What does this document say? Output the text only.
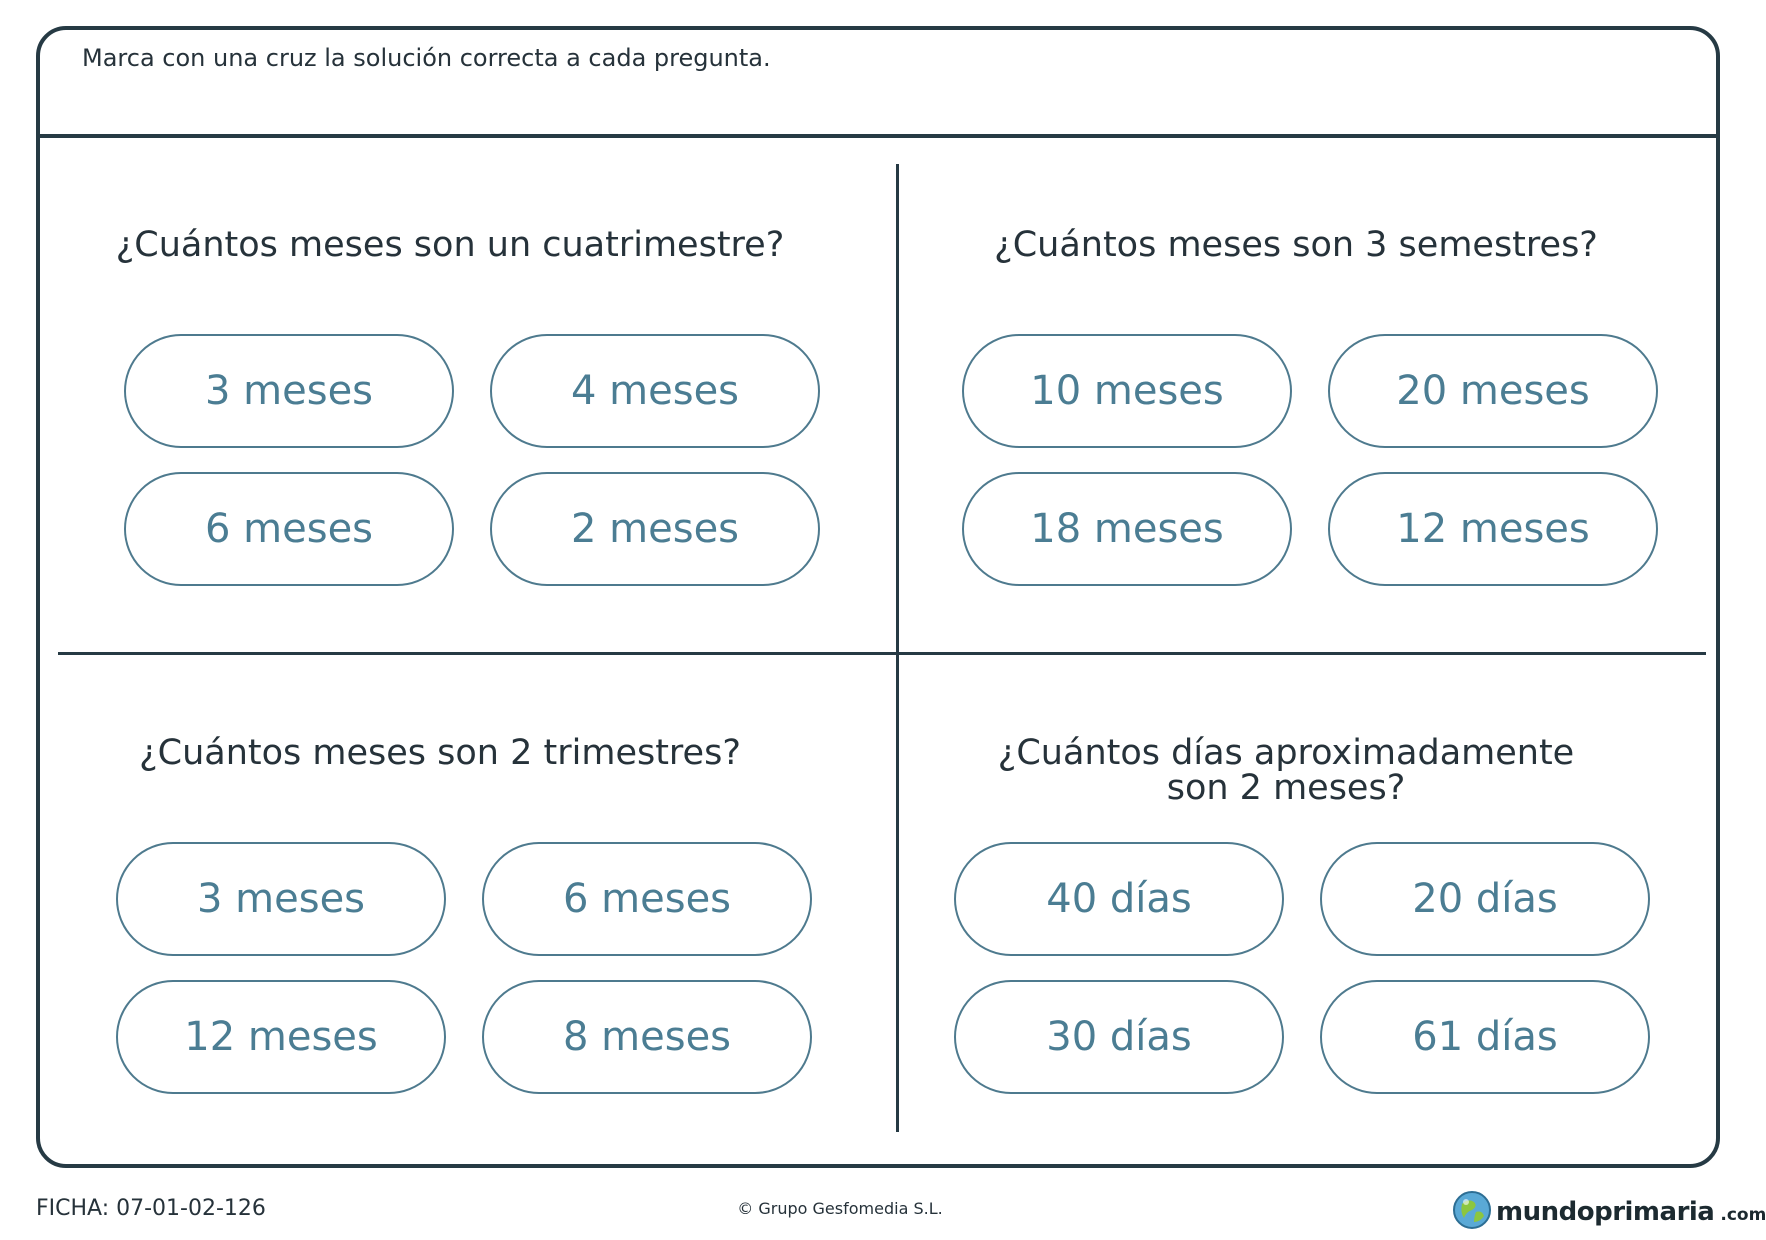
Marca con una cruz la solución correcta a cada pregunta.
¿Cuántos meses son un cuatrimestre?
3 meses	4 meses
6 meses	2 meses
¿Cuántos meses son 3 semestres?
10 meses	20 meses
18 meses	12 meses
¿Cuántos meses son 2 trimestres?
3 meses	6 meses
12 meses	8 meses
¿Cuántos días aproximadamente
son 2 meses?
40 días	20 días
30 días	61 días
FICHA: 07-01-02-126	© Grupo Gesfomedia S.L.	mundoprimaria .com
